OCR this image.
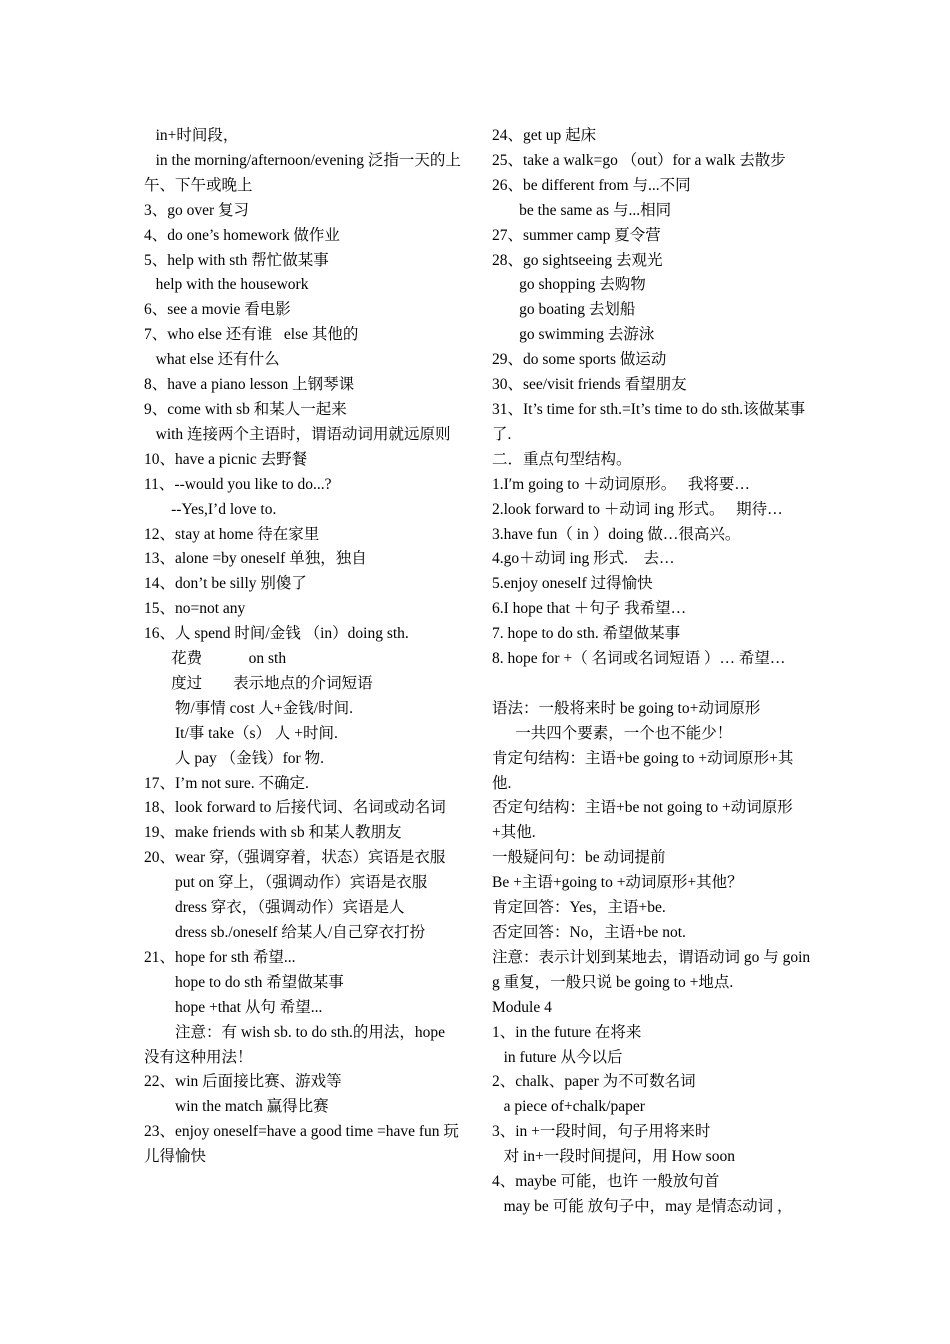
in+时间段，
in the morning/afternoon/evening 泛指一天的上午、下午或晚上
3、go over 复习
4、do one’s homework 做作业
5、help with sth 帮忙做某事
help with the housework
6、see a movie 看电影
7、who else 还有谁   else 其他的
what else 还有什么
8、have a piano lesson 上钢琴课
9、come with sb 和某人一起来
with 连接两个主语时，谓语动词用就远原则
10、have a picnic 去野餐
11、--would you like to do...?
--Yes,I’d love to.
12、stay at home 待在家里
13、alone =by oneself 单独，独自
14、don’t be silly 别傻了
15、no=not any
16、人 spend 时间/金钱 （in）doing sth.
花费            on sth
度过        表示地点的介词短语
物/事情 cost 人+金钱/时间.
It/事 take（s） 人 +时间.
人 pay （金钱）for 物.
17、I’m not sure. 不确定.
18、look forward to 后接代词、名词或动名词
19、make friends with sb 和某人教朋友
20、wear 穿,（强调穿着，状态）宾语是衣服
put on 穿上，（强调动作）宾语是衣服
dress 穿衣，（强调动作）宾语是人
dress sb./oneself 给某人/自己穿衣打扮
21、hope for sth 希望...
hope to do sth 希望做某事
hope +that 从句 希望...
注意：有 wish sb. to do sth.的用法，hope 没有这种用法！
22、win 后面接比赛、游戏等
win the match 赢得比赛
23、enjoy oneself=have a good time =have fun 玩儿得愉快
24、get up 起床
25、take a walk=go （out）for a walk 去散步
26、be different from 与...不同
be the same as 与...相同
27、summer camp 夏令营
28、go sightseeing 去观光
go shopping 去购物
go boating 去划船
go swimming 去游泳
29、do some sports 做运动
30、see/visit friends 看望朋友
31、It’s time for sth.=It’s time to do sth.该做某事了.
二．重点句型结构。
1.I′m going to ＋动词原形。   我将要…
2.look forward to ＋动词 ing 形式。   期待…
3.have fun（ in ）doing 做…很高兴。
4.go＋动词 ing 形式.    去…
5.enjoy oneself 过得愉快
6.I hope that ＋句子 我希望…
7. hope to do sth. 希望做某事
8. hope for +（ 名词或名词短语 ）… 希望…
语法：一般将来时 be going to+动词原形
一共四个要素，一个也不能少！
肯定句结构：主语+be going to +动词原形+其他.
否定句结构：主语+be not going to +动词原形+其他.
一般疑问句：be 动词提前
Be +主语+going to +动词原形+其他？
肯定回答：Yes，主语+be.
否定回答：No，主语+be not.
注意：表示计划到某地去，谓语动词 go 与 going 重复，一般只说 be going to +地点.
Module 4
1、in the future 在将来
in future 从今以后
2、chalk、paper 为不可数名词
a piece of+chalk/paper
3、in +一段时间，句子用将来时
对 in+一段时间提问，用 How soon
4、maybe 可能，也许 一般放句首
may be 可能 放句子中，may 是情态动词 ，
